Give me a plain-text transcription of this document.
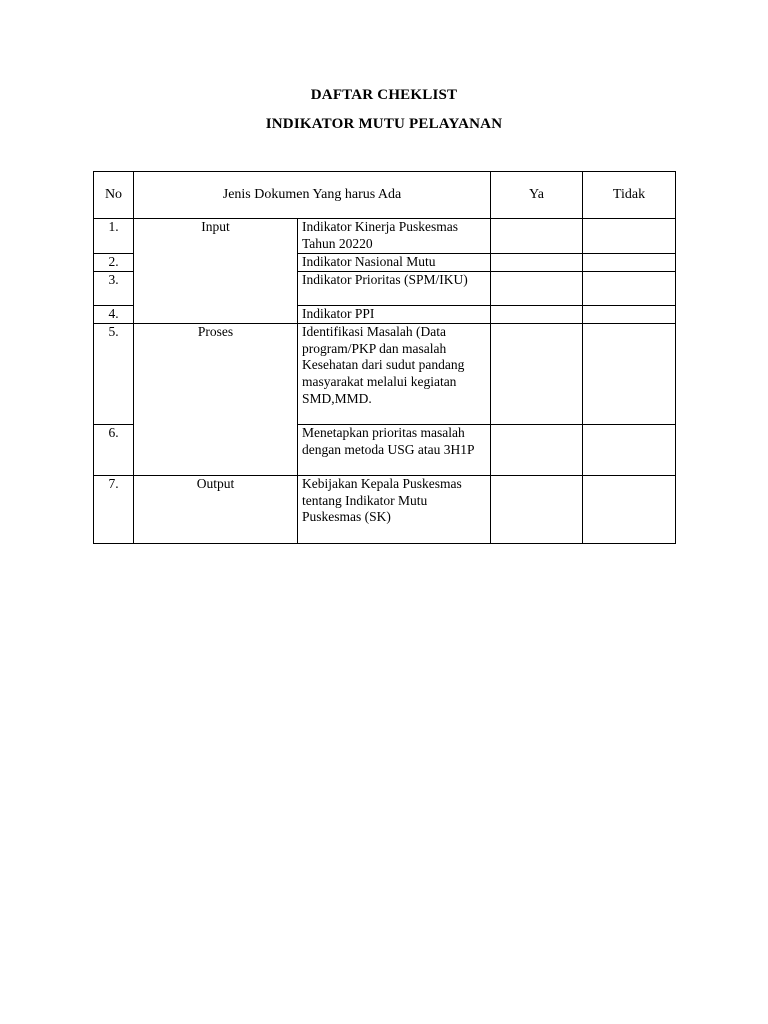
DAFTAR CHEKLIST
INDIKATOR MUTU PELAYANAN
No	Jenis Dokumen Yang harus Ada		Ya	Tidak
1.	Input	Indikator Kinerja Puskesmas Tahun 20220		
2.		Indikator Nasional Mutu		
3.		Indikator Prioritas (SPM/IKU)		
4.		Indikator PPI		
5.	Proses	Identifikasi Masalah (Data program/PKP dan masalah Kesehatan dari sudut pandang masyarakat melalui kegiatan SMD,MMD.		
6.		Menetapkan prioritas masalah dengan metoda USG atau 3H1P		
7.	Output	Kebijakan Kepala Puskesmas tentang Indikator Mutu Puskesmas (SK)		
